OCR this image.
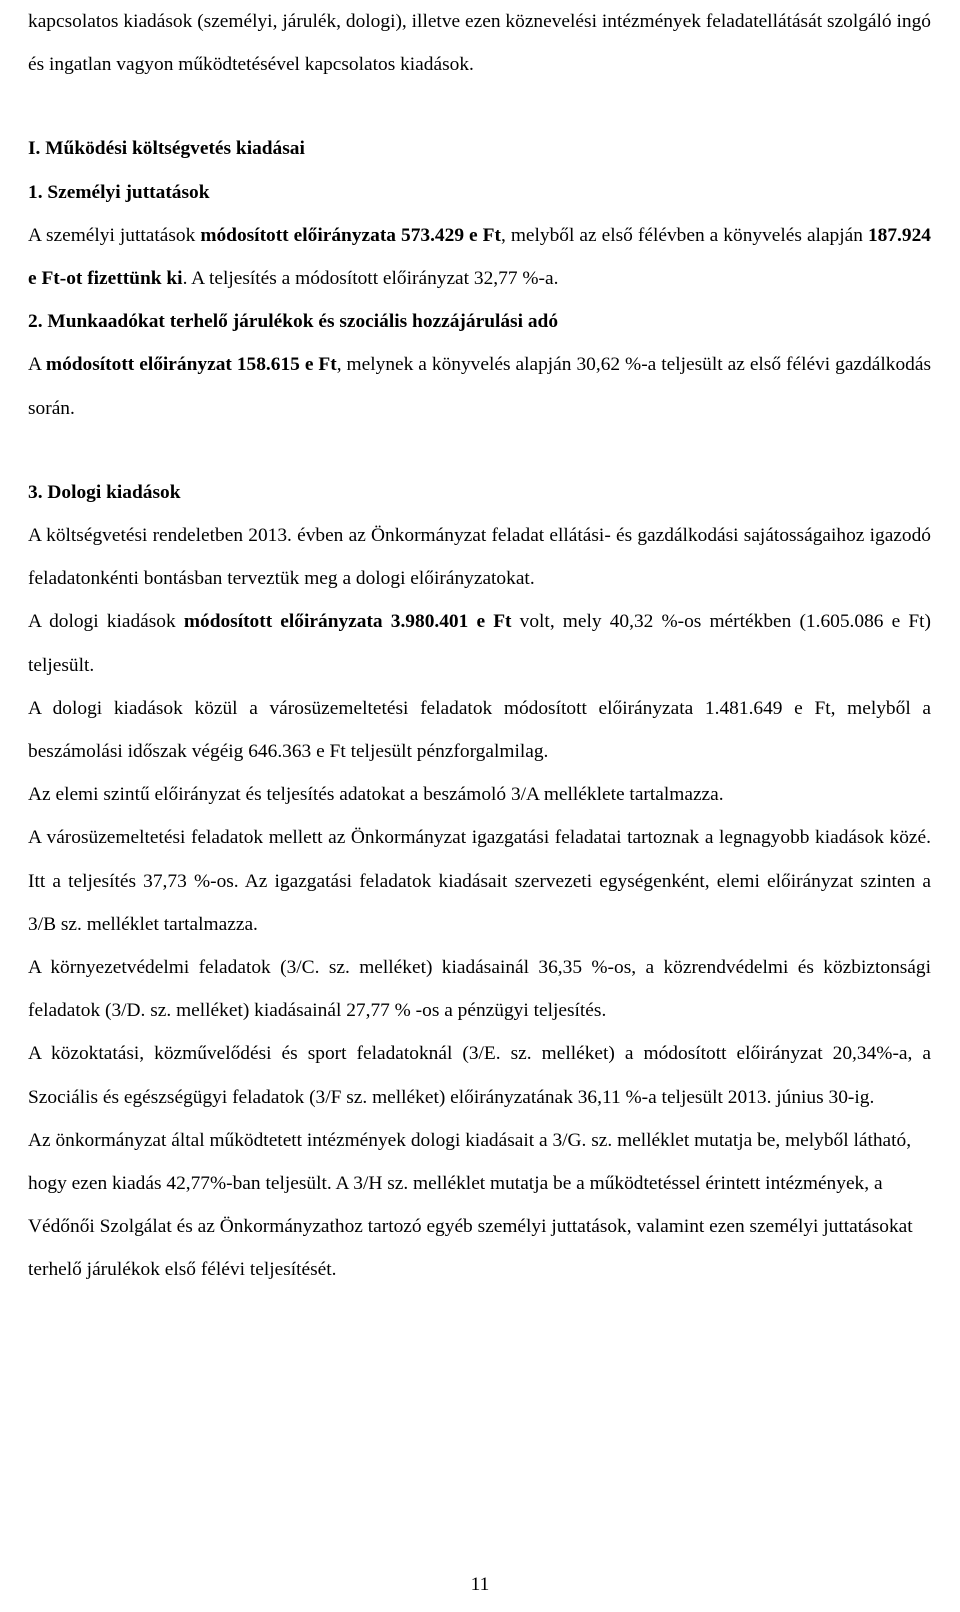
kapcsolatos kiadások (személyi, járulék, dologi), illetve ezen köznevelési intézmények feladatellátását szolgáló ingó és ingatlan vagyon működtetésével kapcsolatos kiadások.

I. Működési költségvetés kiadásai

1. Személyi juttatások

A személyi juttatások módosított előirányzata 573.429 e Ft, melyből az első félévben a könyvelés alapján 187.924 e Ft-ot fizettünk ki. A teljesítés a módosított előirányzat 32,77 %-a.

2. Munkaadókat terhelő járulékok és szociális hozzájárulási adó

A módosított előirányzat 158.615 e Ft, melynek a könyvelés alapján 30,62 %-a teljesült az első félévi gazdálkodás során.

3. Dologi kiadások

A költségvetési rendeletben 2013. évben az Önkormányzat feladat ellátási- és gazdálkodási sajátosságaihoz igazodó feladatonkénti bontásban terveztük meg a dologi előirányzatokat.

A dologi kiadások módosított előirányzata 3.980.401 e Ft volt, mely 40,32 %-os mértékben (1.605.086 e Ft) teljesült.

A dologi kiadások közül a városüzemeltetési feladatok módosított előirányzata 1.481.649 e Ft, melyből a beszámolási időszak végéig 646.363 e Ft teljesült pénzforgalmilag.

Az elemi szintű előirányzat és teljesítés adatokat a beszámoló 3/A melléklete tartalmazza.

A városüzemeltetési feladatok mellett az Önkormányzat igazgatási feladatai tartoznak a legnagyobb kiadások közé. Itt a teljesítés 37,73 %-os. Az igazgatási feladatok kiadásait szervezeti egységenként, elemi előirányzat szinten a 3/B sz. melléklet tartalmazza.

A környezetvédelmi feladatok (3/C. sz. melléket) kiadásainál 36,35 %-os, a közrendvédelmi és közbiztonsági feladatok (3/D. sz. melléket) kiadásainál 27,77 % -os a pénzügyi teljesítés.

A közoktatási, közművelődési és sport feladatoknál (3/E. sz. melléket) a módosított előirányzat 20,34%-a, a Szociális és egészségügyi feladatok (3/F sz. melléket) előirányzatának 36,11 %-a teljesült 2013. június 30-ig.

Az önkormányzat által működtetett intézmények dologi kiadásait a 3/G. sz. melléklet mutatja be, melyből látható, hogy ezen kiadás 42,77%-ban teljesült. A 3/H sz. melléklet mutatja be a működtetéssel érintett intézmények, a Védőnői Szolgálat és az Önkormányzathoz tartozó egyéb személyi juttatások, valamint ezen személyi juttatásokat terhelő járulékok első félévi teljesítését.

11
